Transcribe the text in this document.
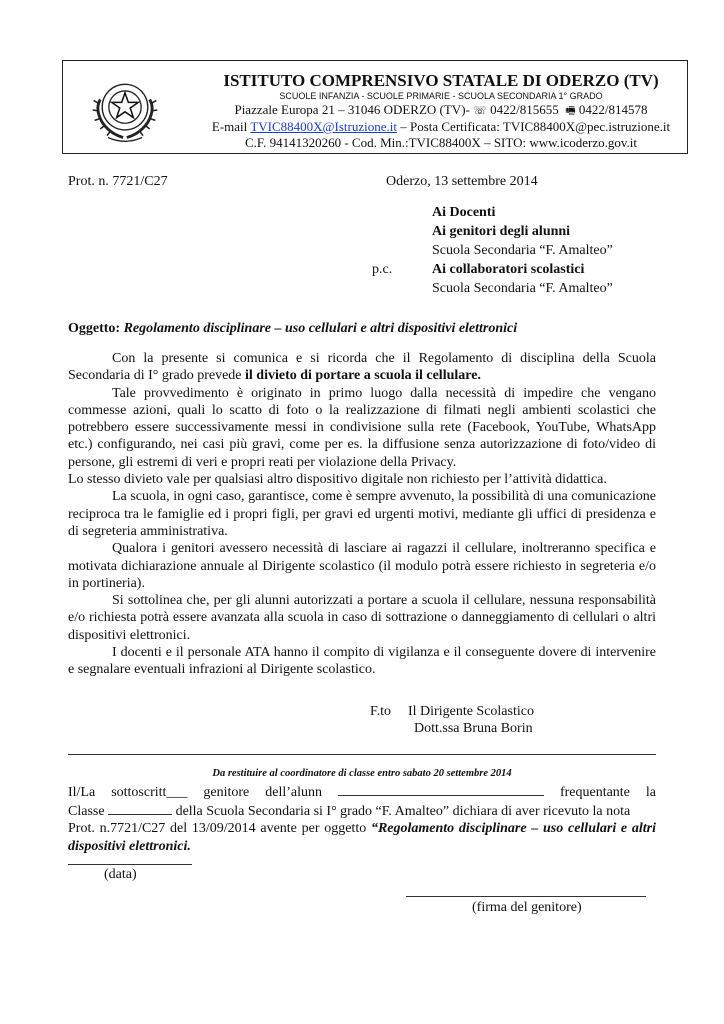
ISTITUTO COMPRENSIVO STATALE DI ODERZO (TV)
SCUOLE INFANZIA - SCUOLE PRIMARIE - SCUOLA SECONDARIA 1° GRADO
Piazzale Europa 21 – 31046 ODERZO (TV)- ☏ 0422/815655 🖷 0422/814578
E-mail TVIC88400X@Istruzione.it – Posta Certificata: TVIC88400X@pec.istruzione.it
C.F. 94141320260 - Cod. Min.:TVIC88400X – SITO: www.icoderzo.gov.it
Prot. n. 7721/C27	Oderzo, 13 settembre 2014
Ai Docenti
Ai genitori degli alunni
Scuola Secondaria “F. Amalteo”
p.c.	Ai collaboratori scolastici
Scuola Secondaria “F. Amalteo”
Oggetto: Regolamento disciplinare – uso cellulari e altri dispositivi elettronici

Con la presente si comunica e si ricorda che il Regolamento di disciplina della Scuola Secondaria di I° grado prevede il divieto di portare a scuola il cellulare.

Tale provvedimento è originato in primo luogo dalla necessità di impedire che vengano commesse azioni, quali lo scatto di foto o la realizzazione di filmati negli ambienti scolastici che potrebbero essere successivamente messi in condivisione sulla rete (Facebook, YouTube, WhatsApp etc.) configurando, nei casi più gravi, come per es. la diffusione senza autorizzazione di foto/video di persone, gli estremi di veri e propri reati per violazione della Privacy.

Lo stesso divieto vale per qualsiasi altro dispositivo digitale non richiesto per l’attività didattica.

La scuola, in ogni caso, garantisce, come è sempre avvenuto, la possibilità di una comunicazione reciproca tra le famiglie ed i propri figli, per gravi ed urgenti motivi, mediante gli uffici di presidenza e di segreteria amministrativa.

Qualora i genitori avessero necessità di lasciare ai ragazzi il cellulare, inoltreranno specifica e motivata dichiarazione annuale al Dirigente scolastico (il modulo potrà essere richiesto in segreteria e/o in portineria).

Si sottolinea che, per gli alunni autorizzati a portare a scuola il cellulare, nessuna responsabilità e/o richiesta potrà essere avanzata alla scuola in caso di sottrazione o danneggiamento di cellulari o altri dispositivi elettronici.

I docenti e il personale ATA hanno il compito di vigilanza e il conseguente dovere di intervenire e segnalare eventuali infrazioni al Dirigente scolastico.

F.to Il Dirigente Scolastico
Dott.ssa Bruna Borin
Da restituire al coordinatore di classe entro sabato 20 settembre 2014

Il/La sottoscritt___ genitore dell’alunn	frequentante la

Classe	della Scuola Secondaria si I° grado “F. Amalteo” dichiara di aver ricevuto la nota

Prot. n.7721/C27 del 13/09/2014 avente per oggetto “Regolamento disciplinare – uso cellulari e altri dispositivi elettronici.

(data)
(firma del genitore)
